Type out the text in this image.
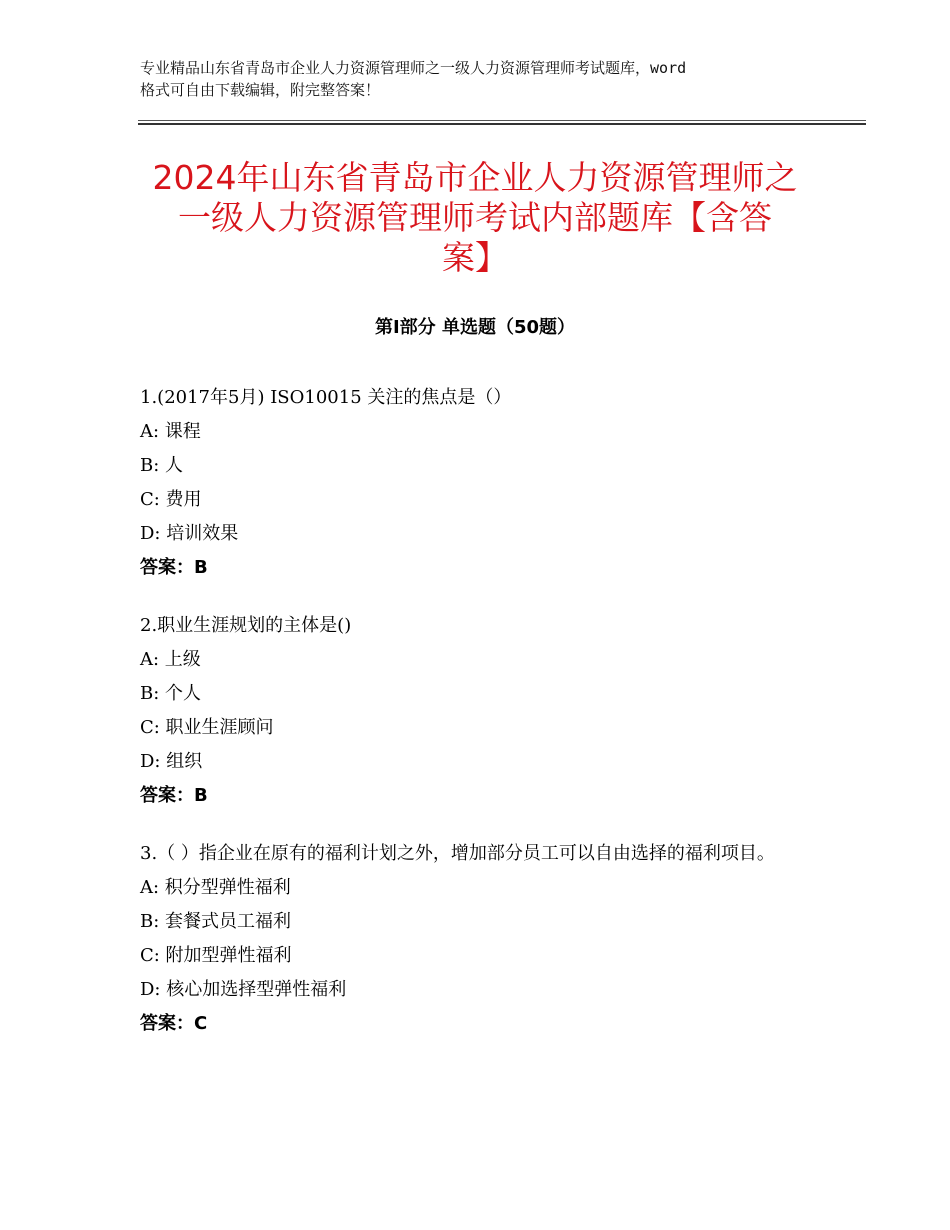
专业精品山东省青岛市企业人力资源管理师之一级人力资源管理师考试题库，word
格式可自由下载编辑，附完整答案！
2024年山东省青岛市企业人力资源管理师之
一级人力资源管理师考试内部题库【含答
案】
第Ⅰ部分 单选题（50题）
1.(2017年5月) ISO10015 关注的焦点是（）
A: 课程
B: 人
C: 费用
D: 培训效果
答案：B
2.职业生涯规划的主体是()
A: 上级
B: 个人
C: 职业生涯顾问
D: 组织
答案：B
3.（ ）指企业在原有的福利计划之外，增加部分员工可以自由选择的福利项目。
A: 积分型弹性福利
B: 套餐式员工福利
C: 附加型弹性福利
D: 核心加选择型弹性福利
答案：C
